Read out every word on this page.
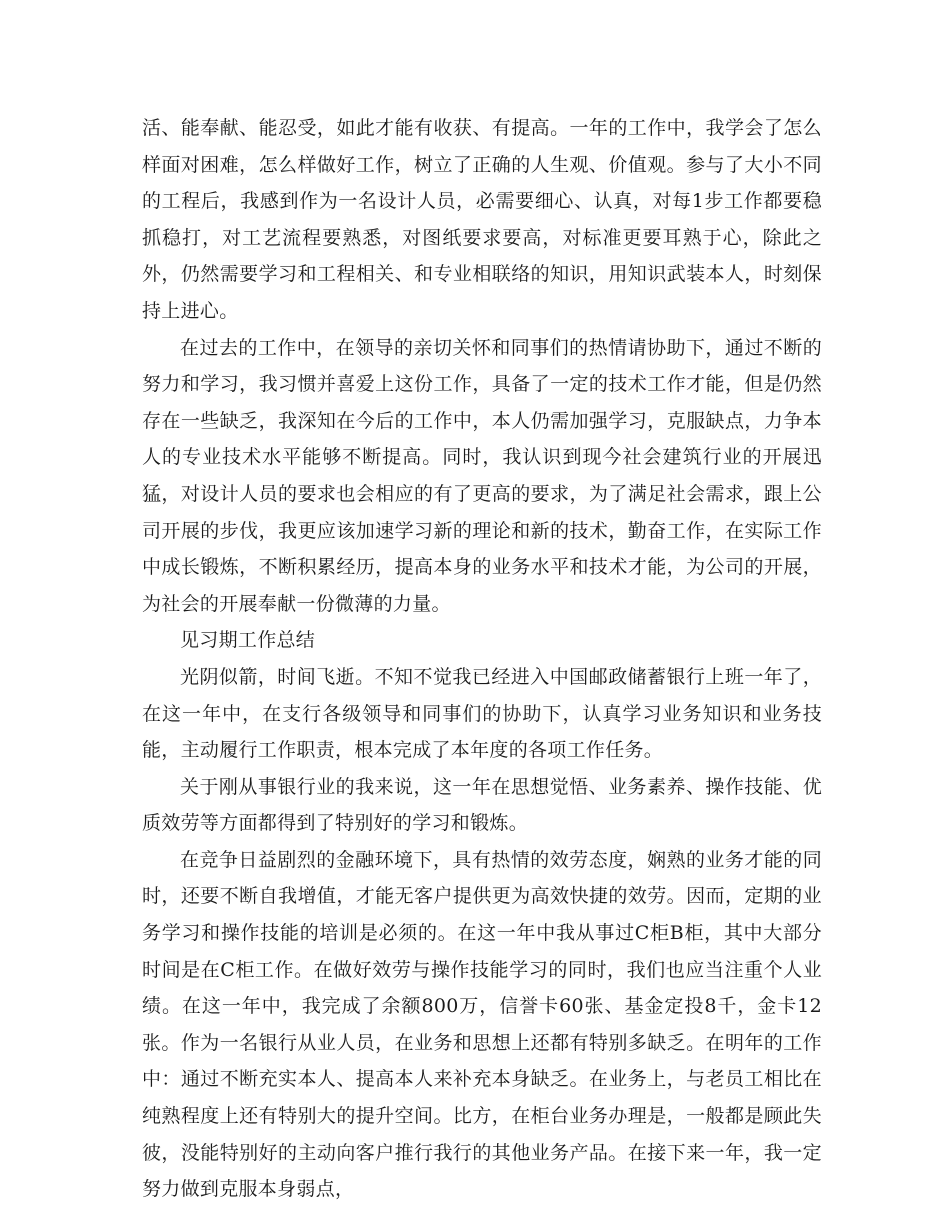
活、能奉献、能忍受，如此才能有收获、有提高。一年的工作中，我学会了怎么样面对困难，怎么样做好工作，树立了正确的人生观、价值观。参与了大小不同的工程后，我感到作为一名设计人员，必需要细心、认真，对每1步工作都要稳抓稳打，对工艺流程要熟悉，对图纸要求要高，对标准更要耳熟于心，除此之外，仍然需要学习和工程相关、和专业相联络的知识，用知识武装本人，时刻保持上进心。

在过去的工作中，在领导的亲切关怀和同事们的热情请协助下，通过不断的努力和学习，我习惯并喜爱上这份工作，具备了一定的技术工作才能，但是仍然存在一些缺乏，我深知在今后的工作中，本人仍需加强学习，克服缺点，力争本人的专业技术水平能够不断提高。同时，我认识到现今社会建筑行业的开展迅猛，对设计人员的要求也会相应的有了更高的要求，为了满足社会需求，跟上公司开展的步伐，我更应该加速学习新的理论和新的技术，勤奋工作，在实际工作中成长锻炼，不断积累经历，提高本身的业务水平和技术才能，为公司的开展，为社会的开展奉献一份微薄的力量。

见习期工作总结

光阴似箭，时间飞逝。不知不觉我已经进入中国邮政储蓄银行上班一年了，在这一年中，在支行各级领导和同事们的协助下，认真学习业务知识和业务技能，主动履行工作职责，根本完成了本年度的各项工作任务。

关于刚从事银行业的我来说，这一年在思想觉悟、业务素养、操作技能、优质效劳等方面都得到了特别好的学习和锻炼。

在竞争日益剧烈的金融环境下，具有热情的效劳态度，娴熟的业务才能的同时，还要不断自我增值，才能无客户提供更为高效快捷的效劳。因而，定期的业务学习和操作技能的培训是必须的。在这一年中我从事过C柜B柜，其中大部分时间是在C柜工作。在做好效劳与操作技能学习的同时，我们也应当注重个人业绩。在这一年中，我完成了余额800万，信誉卡60张、基金定投8千，金卡12张。作为一名银行从业人员，在业务和思想上还都有特别多缺乏。在明年的工作中：通过不断充实本人、提高本人来补充本身缺乏。在业务上，与老员工相比在纯熟程度上还有特别大的提升空间。比方，在柜台业务办理是，一般都是顾此失彼，没能特别好的主动向客户推行我行的其他业务产品。在接下来一年，我一定努力做到克服本身弱点，
